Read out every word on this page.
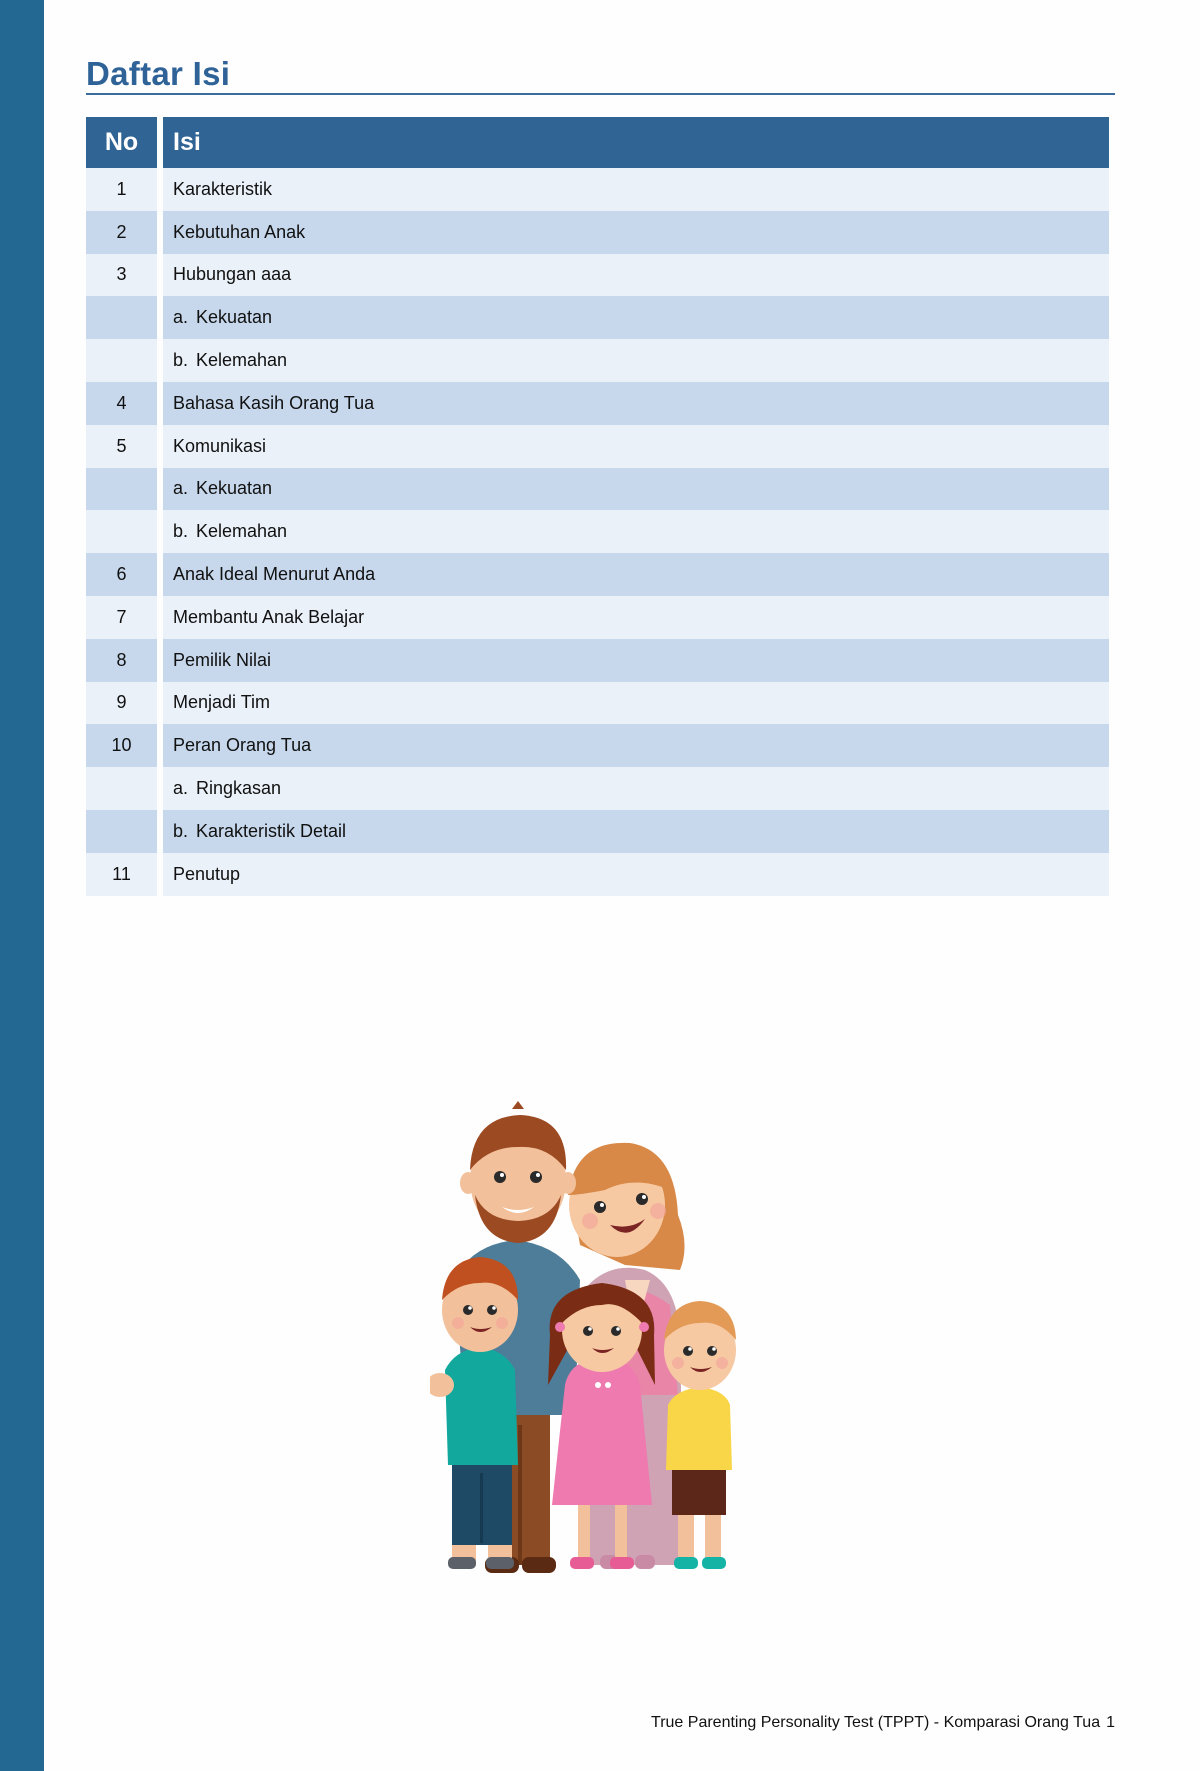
Daftar Isi
No		Isi
1		Karakteristik
2		Kebutuhan Anak
3		Hubungan aaa
		a. Kekuatan
		b. Kelemahan
4		Bahasa Kasih Orang Tua
5		Komunikasi
		a. Kekuatan
		b. Kelemahan
6		Anak Ideal Menurut Anda
7		Membantu Anak Belajar
8		Pemilik Nilai
9		Menjadi Tim
10		Peran Orang Tua
		a. Ringkasan
		b. Karakteristik Detail
11		Penutup
True Parenting Personality Test (TPPT) - Komparasi Orang Tua 1
